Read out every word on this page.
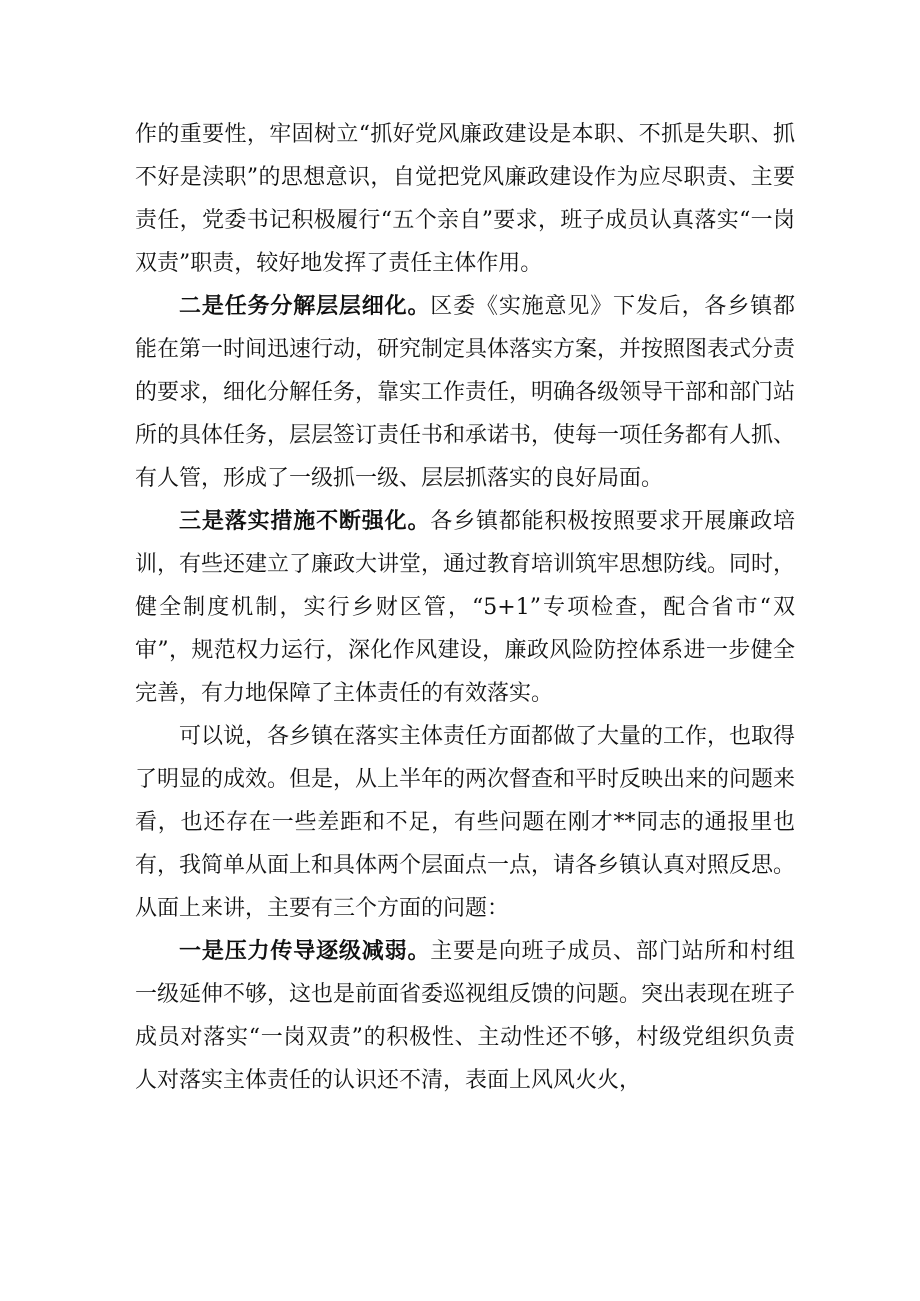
作的重要性，牢固树立“抓好党风廉政建设是本职、不抓是失职、抓不好是渎职”的思想意识，自觉把党风廉政建设作为应尽职责、主要责任，党委书记积极履行“五个亲自”要求，班子成员认真落实“一岗双责”职责，较好地发挥了责任主体作用。

二是任务分解层层细化。区委《实施意见》下发后，各乡镇都能在第一时间迅速行动，研究制定具体落实方案，并按照图表式分责的要求，细化分解任务，靠实工作责任，明确各级领导干部和部门站所的具体任务，层层签订责任书和承诺书，使每一项任务都有人抓、有人管，形成了一级抓一级、层层抓落实的良好局面。

三是落实措施不断强化。各乡镇都能积极按照要求开展廉政培训，有些还建立了廉政大讲堂，通过教育培训筑牢思想防线。同时，健全制度机制，实行乡财区管，“5+1”专项检查，配合省市“双审”，规范权力运行，深化作风建设，廉政风险防控体系进一步健全完善，有力地保障了主体责任的有效落实。

可以说，各乡镇在落实主体责任方面都做了大量的工作，也取得了明显的成效。但是，从上半年的两次督查和平时反映出来的问题来看，也还存在一些差距和不足，有些问题在刚才**同志的通报里也有，我简单从面上和具体两个层面点一点，请各乡镇认真对照反思。从面上来讲，主要有三个方面的问题：

一是压力传导逐级减弱。主要是向班子成员、部门站所和村组一级延伸不够，这也是前面省委巡视组反馈的问题。突出表现在班子成员对落实“一岗双责”的积极性、主动性还不够，村级党组织负责人对落实主体责任的认识还不清，表面上风风火火，
